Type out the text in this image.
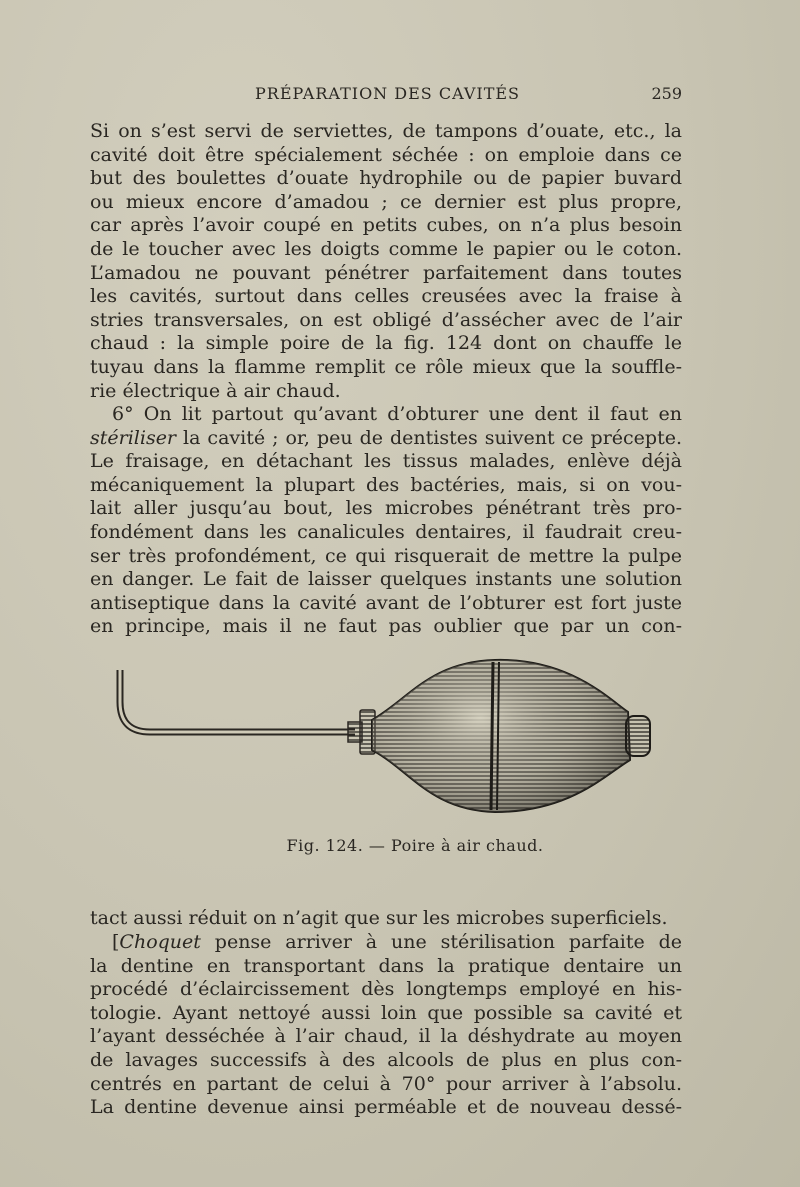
PRÉPARATION DES CAVITÉS	259
Si on s’est servi de serviettes, de tampons d’ouate, etc., la
cavité doit être spécialement séchée : on emploie dans ce
but des boulettes d’ouate hydrophile ou de papier buvard
ou mieux encore d’amadou ; ce dernier est plus propre,
car après l’avoir coupé en petits cubes, on n’a plus besoin
de le toucher avec les doigts comme le papier ou le coton.
L’amadou ne pouvant pénétrer parfaitement dans toutes
les cavités, surtout dans celles creusées avec la fraise à
stries transversales, on est obligé d’assécher avec de l’air
chaud : la simple poire de la fig. 124 dont on chauffe le
tuyau dans la flamme remplit ce rôle mieux que la souffle-
rie électrique à air chaud.
6° On lit partout qu’avant d’obturer une dent il faut en
stériliser la cavité ; or, peu de dentistes suivent ce précepte.
Le fraisage, en détachant les tissus malades, enlève déjà
mécaniquement la plupart des bactéries, mais, si on vou-
lait aller jusqu’au bout, les microbes pénétrant très pro-
fondément dans les canalicules dentaires, il faudrait creu-
ser très profondément, ce qui risquerait de mettre la pulpe
en danger. Le fait de laisser quelques instants une solution
antiseptique dans la cavité avant de l’obturer est fort juste
en principe, mais il ne faut pas oublier que par un con-
Fig. 124. — Poire à air chaud.
tact aussi réduit on n’agit que sur les microbes superficiels.
[Choquet pense arriver à une stérilisation parfaite de
la dentine en transportant dans la pratique dentaire un
procédé d’éclaircissement dès longtemps employé en his-
tologie. Ayant nettoyé aussi loin que possible sa cavité et
l’ayant desséchée à l’air chaud, il la déshydrate au moyen
de lavages successifs à des alcools de plus en plus con-
centrés en partant de celui à 70° pour arriver à l’absolu.
La dentine devenue ainsi perméable et de nouveau dessé-
